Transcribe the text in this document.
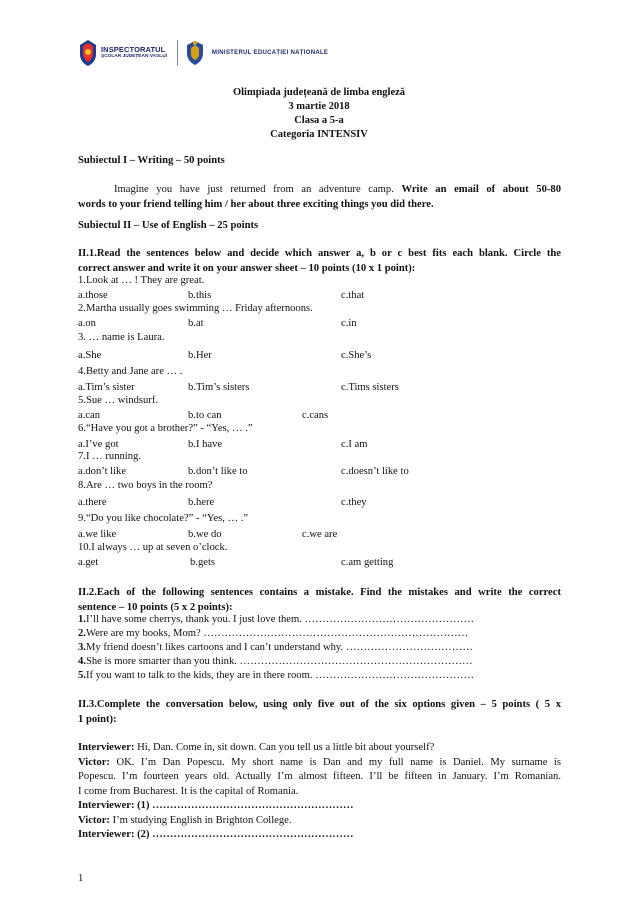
INSPECTORATUL
ȘCOLAR JUDEȚEAN VASLUI
MINISTERUL EDUCAȚIEI NAȚIONALE
Olimpiada județeană de limba engleză
3 martie 2018
Clasa a 5-a
Categoria INTENSIV
Subiectul I – Writing – 50 points
Imagine you have just returned from an adventure camp. Write an email of about 50-80
words to your friend telling him / her about three exciting things you did there.
Subiectul II – Use of English – 25 points
II.1.Read the sentences below and decide which answer a, b or c best fits each blank. Circle the
correct answer and write it on your answer sheet – 10 points (10 x 1 point):
1.Look at … ! They are great.
a.those	b.this	c.that
2.Martha usually goes swimming … Friday afternoons.
a.on	b.at	c.in
3. … name is Laura.
a.She	b.Her	c.She’s
4.Betty and Jane are … .
a.Tim’s sister	b.Tim’s sisters	c.Tims sisters
5.Sue … windsurf.
a.can	b.to can	c.cans
6.“Have you got a brother?” - “Yes, … .”
a.I’ve got	b.I have	c.I am
7.I … running.
a.don’t like	b.don’t like to	c.doesn’t like to
8.Are … two boys in the room?
a.there	b.here	c.they
9.“Do you like chocolate?” - “Yes, … .”
a.we like	b.we do	c.we are
10.I always … up at seven o’clock.
a.get	b.gets	c.am getting
II.2.Each of the following sentences contains a mistake. Find the mistakes and write the correct
sentence – 10 points (5 x 2 points):
1.I’ll have some cherrys, thank you. I just love them. …………………………………………
2.Were are my books, Mom? …………………………………………………………………
3.My friend doesn’t likes cartoons and I can’t understand why. ………………………………
4.She is more smarter than you think. …………………………………………………………
5.If you want to talk to the kids, they are in there room. ………………………………………
II.3.Complete the conversation below, using only five out of the six options given – 5 points ( 5 x
1 point):
Interviewer: Hi, Dan. Come in, sit down. Can you tell us a little bit about yourself?
Victor: OK. I’m Dan Popescu. My short name is Dan and my full name is Daniel. My surname is
Popescu. I’m fourteen years old. Actually I’m almost fifteen. I’ll be fifteen in January. I’m Romanian.
I come from Bucharest. It is the capital of Romania.
Interviewer: (1) …………………………………………………
Victor: I’m studying English in Brighton College.
Interviewer: (2) …………………………………………………
1
